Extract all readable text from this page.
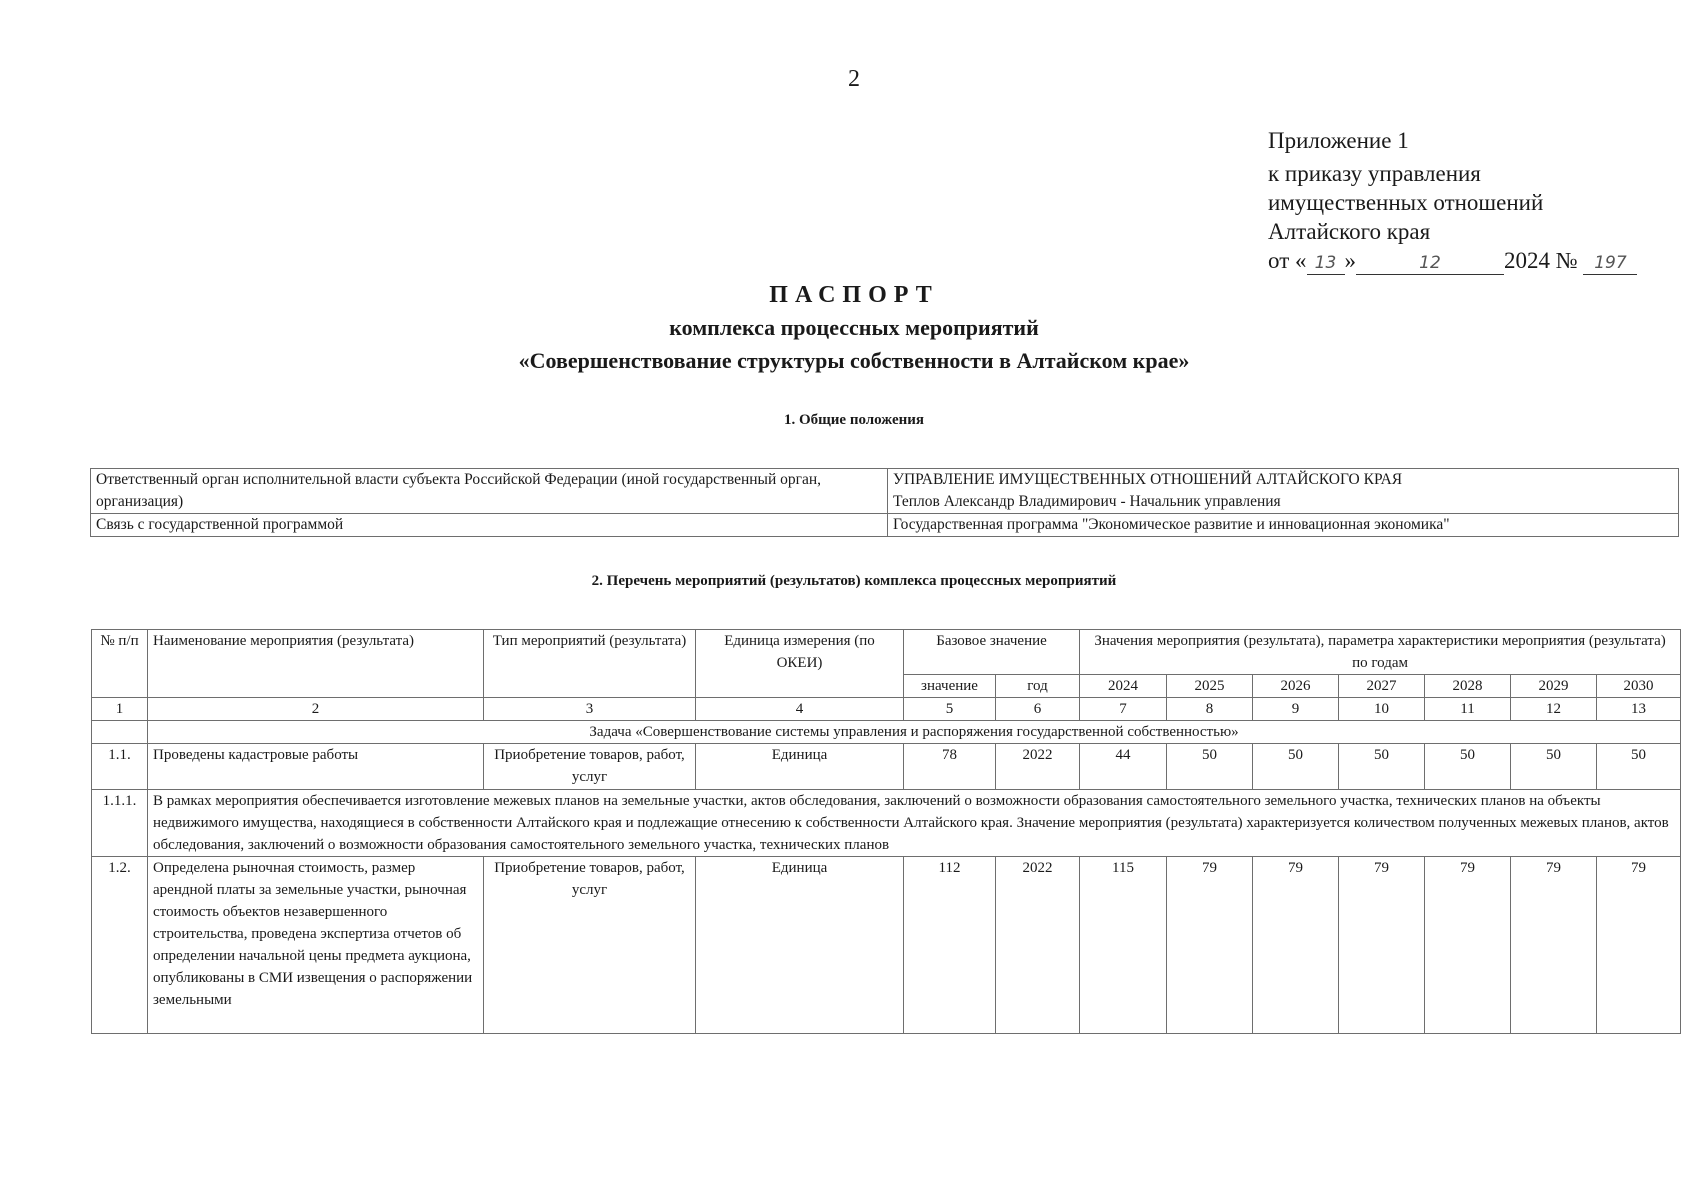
2
Приложение 1
к приказу управления
имущественных отношений
Алтайского края
от « 13 »	12	2024 № 197
ПАСПОРТ
комплекса процессных мероприятий
«Совершенствование структуры собственности в Алтайском крае»
1. Общие положения
Ответственный орган исполнительной власти субъекта Российской Федерации (иной государственный орган, организация)	УПРАВЛЕНИЕ ИМУЩЕСТВЕННЫХ ОТНОШЕНИЙ АЛТАЙСКОГО КРАЯ
Теплов Александр Владимирович - Начальник управления

Связь с государственной программой	Государственная программа "Экономическое развитие и инновационная экономика"
2. Перечень мероприятий (результатов) комплекса процессных мероприятий
№ п/п	Наименование мероприятия (результата)	Тип мероприятий (результата)	Единица измерения (по ОКЕИ)	Базовое значение		Значения мероприятия (результата), параметра характеристики мероприятия (результата) по годам						
				значение	год	2024	2025	2026	2027	2028	2029	2030
1	2	3	4	5	6	7	8	9	10	11	12	13
	Задача «Совершенствование системы управления и распоряжения государственной собственностью»											
1.1.	Проведены кадастровые работы	Приобретение товаров, работ, услуг	Единица	78	2022	44	50	50	50	50	50	50
1.1.1.	В рамках мероприятия обеспечивается изготовление межевых планов на земельные участки, актов обследования, заключений о возможности образования самостоятельного земельного участка, технических планов на объекты недвижимого имущества, находящиеся в собственности Алтайского края и подлежащие отнесению к собственности Алтайского края. Значение мероприятия (результата) характеризуется количеством полученных межевых планов, актов обследования, заключений о возможности образования самостоятельного земельного участка, технических планов											

1.2.	Определена рыночная стоимость, размер арендной платы за земельные участки, рыночная стоимость объектов незавершенного строительства, проведена экспертиза отчетов об определении начальной цены предмета аукциона, опубликованы в СМИ извещения о распоряжении земельными	Приобретение товаров, работ, услуг	Единица	112	2022	115	79	79	79	79	79	79
